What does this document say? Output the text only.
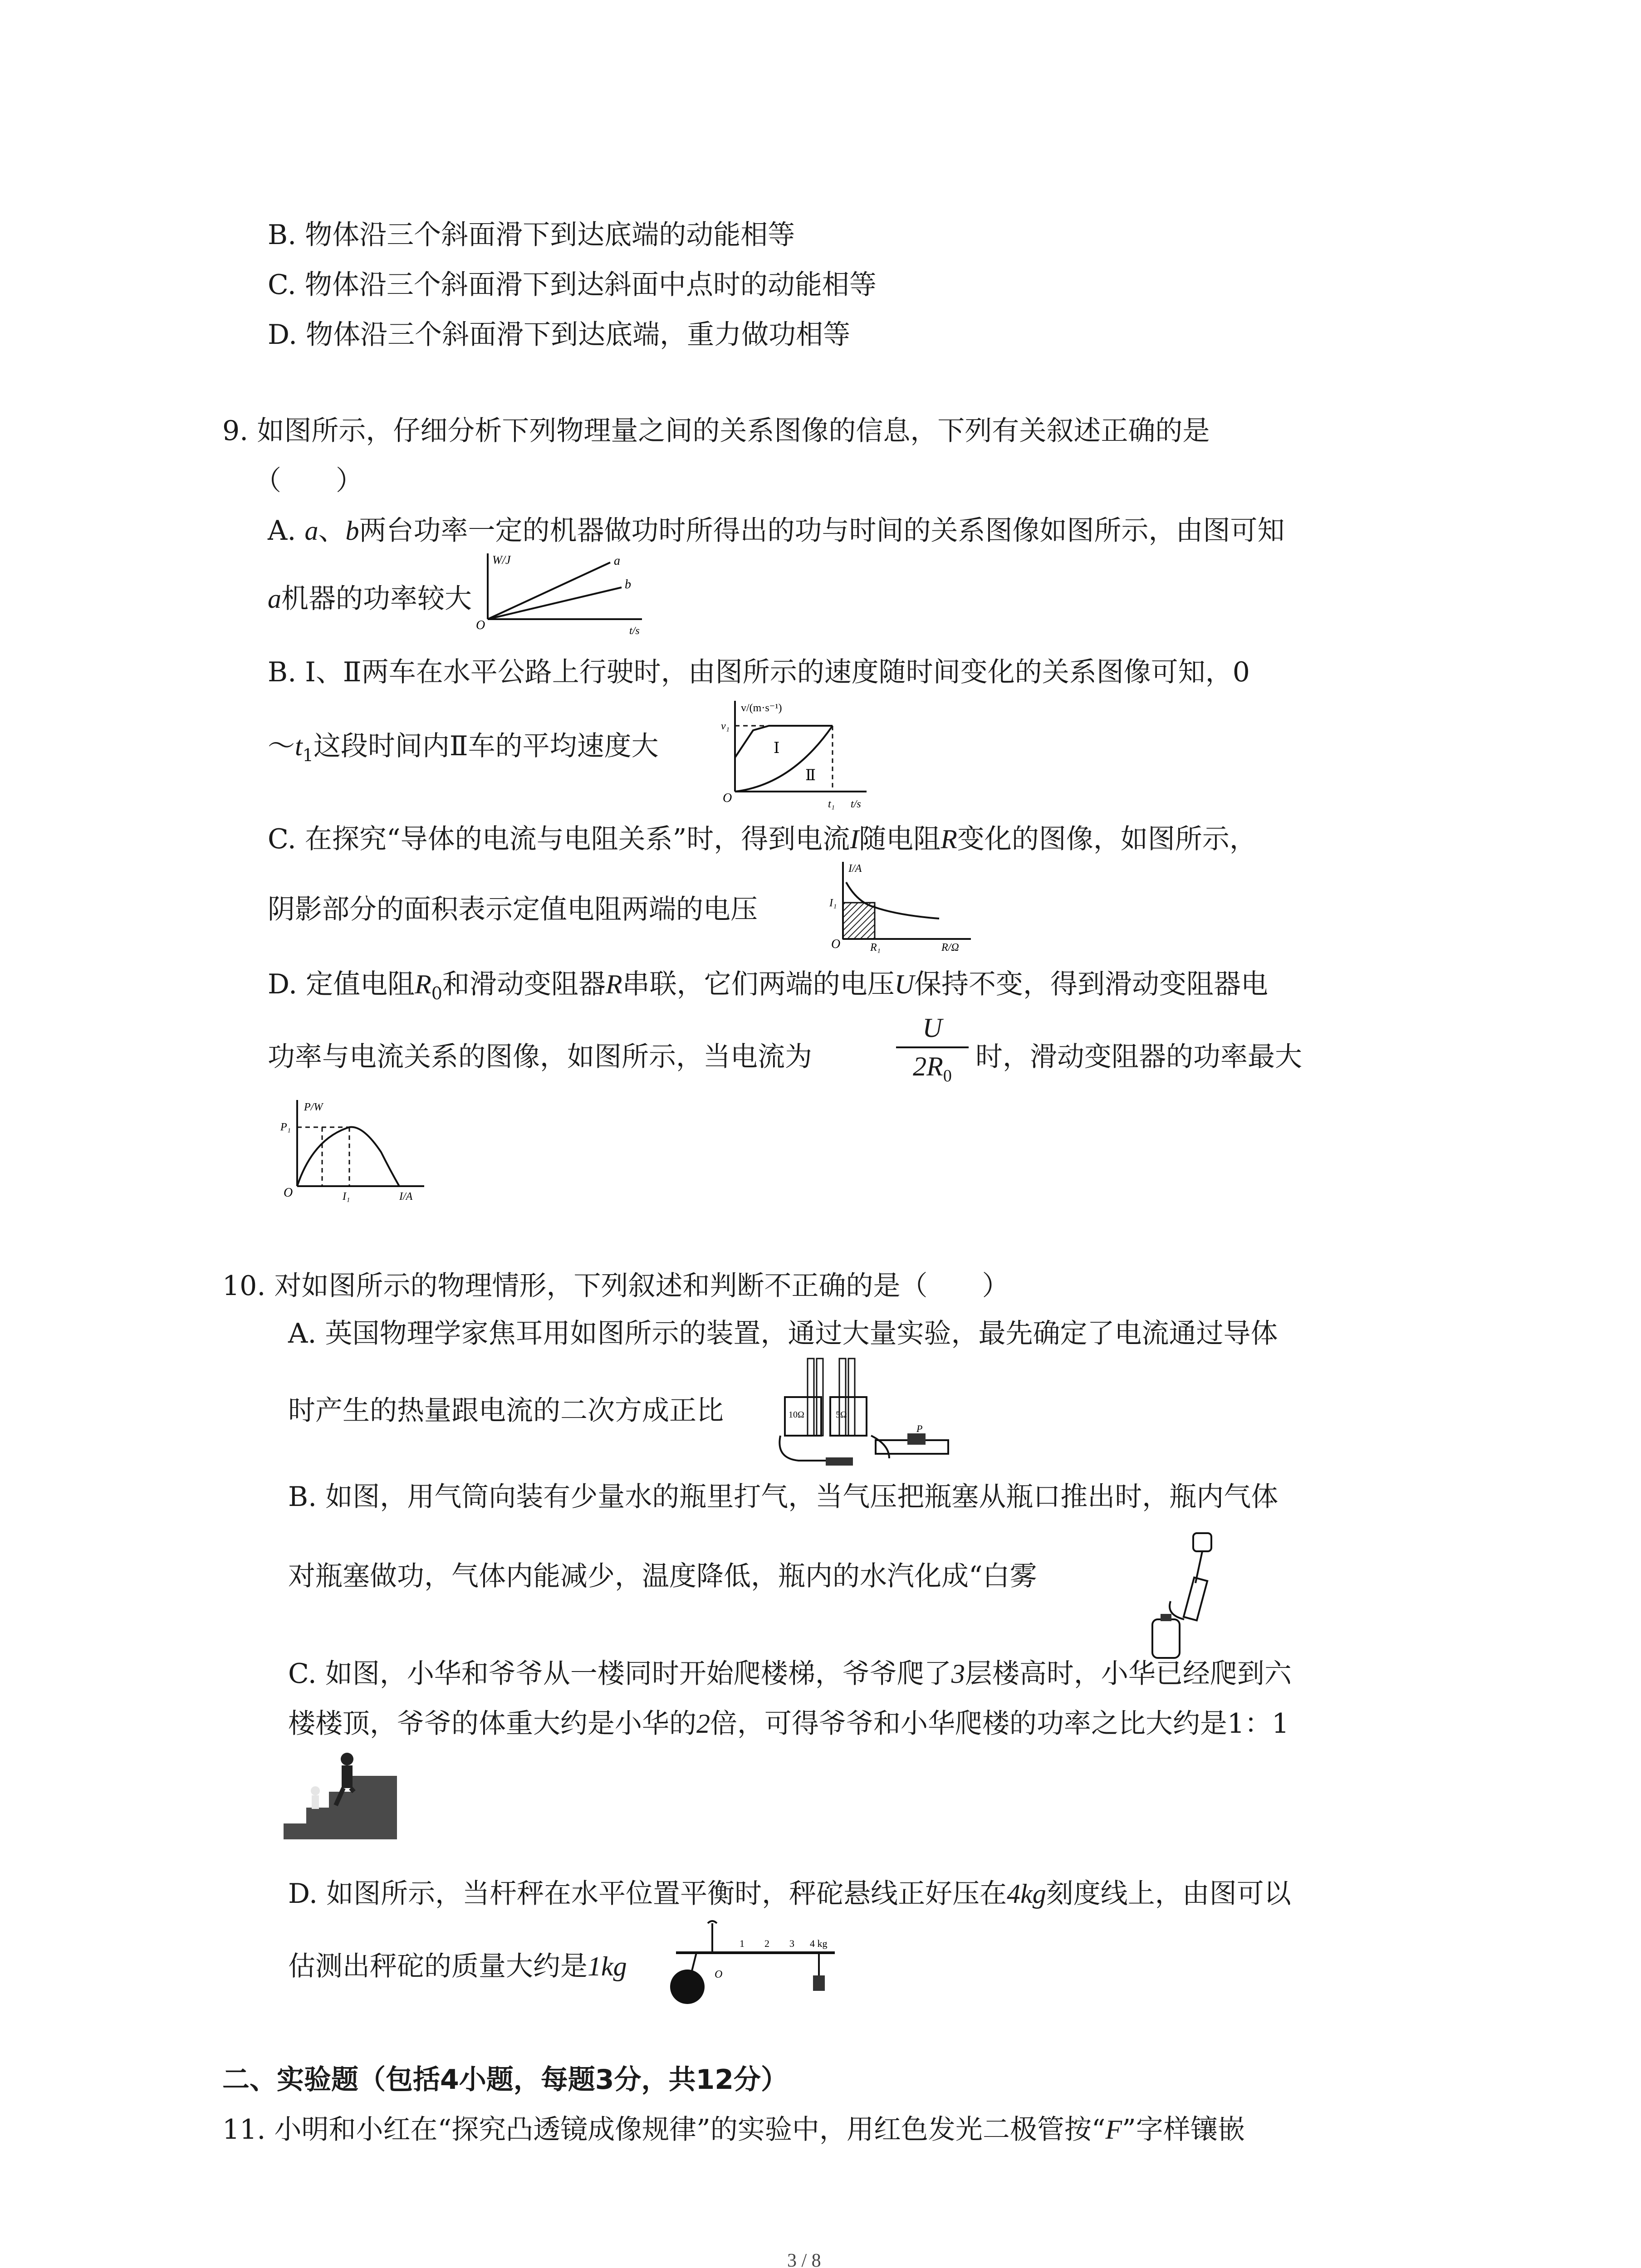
B. 物体沿三个斜面滑下到达底端的动能相等
C. 物体沿三个斜面滑下到达斜面中点时的动能相等
D. 物体沿三个斜面滑下到达底端，重力做功相等
9. 如图所示，仔细分析下列物理量之间的关系图像的信息，下列有关叙述正确的是
（　　）
A. a、b两台功率一定的机器做功时所得出的功与时间的关系图像如图所示，由图可知
a机器的功率较大
W/J	a
b
O	t/s
B. Ⅰ、Ⅱ两车在水平公路上行驶时，由图所示的速度随时间变化的关系图像可知，0
$\sim t_1$这段时间内Ⅱ车的平均速度大
v/(m·s⁻¹)
v₁
Ⅰ
Ⅱ
O	t₁ t/s
C. 在探究“导体的电流与电阻关系”时，得到电流I随电阻R变化的图像，如图所示，
阴影部分的面积表示定值电阻两端的电压
I/A
I₁
O	R₁	R/Ω
D. 定值电阻$R_0$和滑动变阻器R串联，它们两端的电压U保持不变，得到滑动变阻器电
功率与电流关系的图像，如图所示，当电流为
U
$2R_0$
时，滑动变阻器的功率最大
P/W
P₁
O	I₁	I/A
10. 对如图所示的物理情形，下列叙述和判断不正确的是（　　）
A. 英国物理学家焦耳用如图所示的装置，通过大量实验，最先确定了电流通过导体
时产生的热量跟电流的二次方成正比	10Ω	5Ω
P
B. 如图，用气筒向装有少量水的瓶里打气，当气压把瓶塞从瓶口推出时，瓶内气体
对瓶塞做功，气体内能减少，温度降低，瓶内的水汽化成“白雾
C. 如图，小华和爷爷从一楼同时开始爬楼梯，爷爷爬了3层楼高时，小华已经爬到六
楼楼顶，爷爷的体重大约是小华的2倍，可得爷爷和小华爬楼的功率之比大约是1：1
D. 如图所示，当杆秤在水平位置平衡时，秤砣悬线正好压在4kg刻度线上，由图可以
估测出秤砣的质量大约是1kg	O
1 2 3 4 kg
二、实验题（包括4小题，每题3分，共12分）
11. 小明和小红在“探究凸透镜成像规律”的实验中，用红色发光二极管按“F”字样镶嵌
3 / 8
